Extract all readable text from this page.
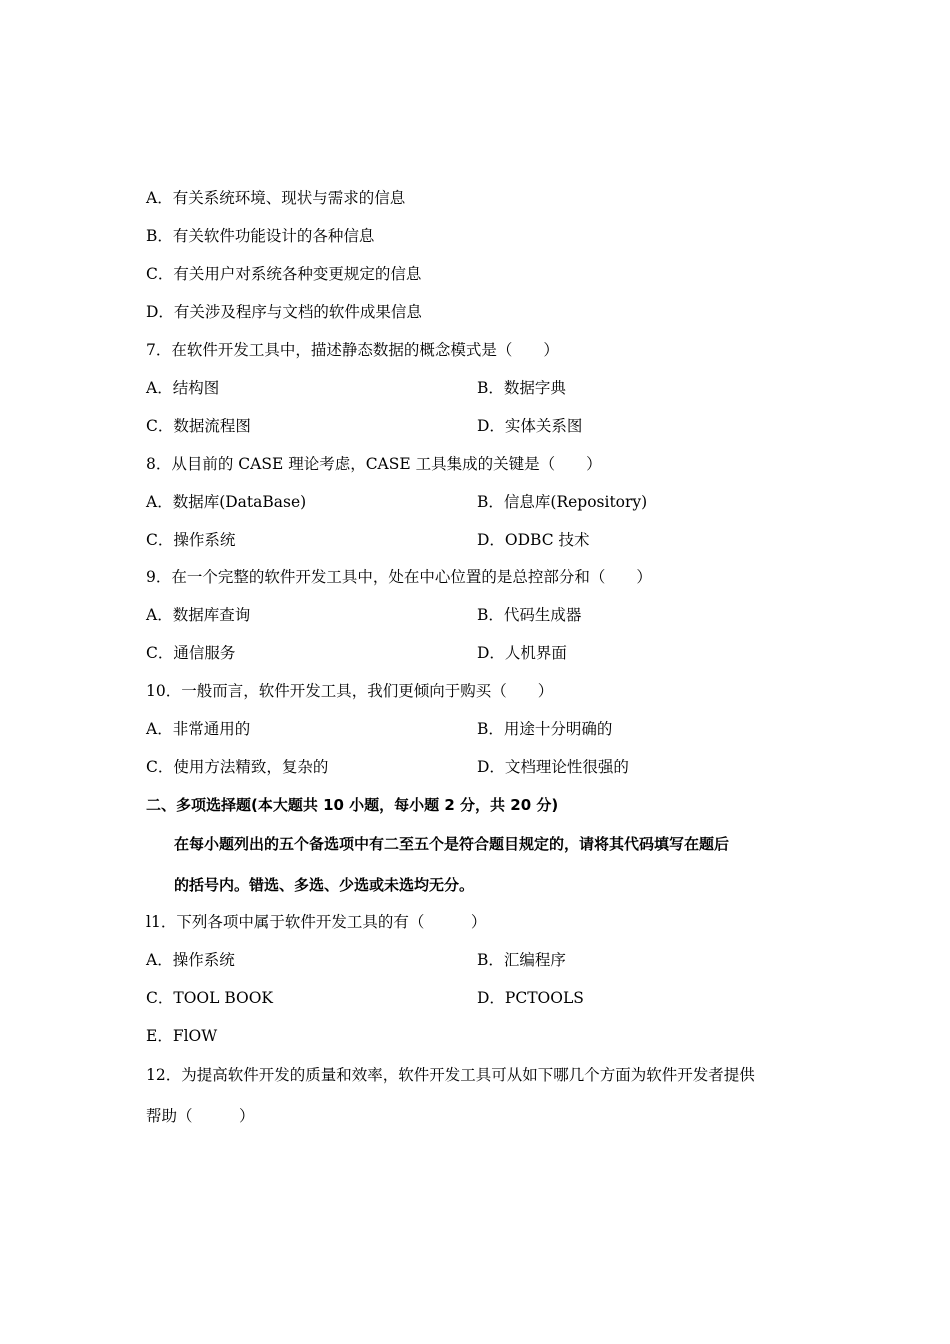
A．有关系统环境、现状与需求的信息
B．有关软件功能设计的各种信息
C．有关用户对系统各种变更规定的信息
D．有关涉及程序与文档的软件成果信息
7．在软件开发工具中，描述静态数据的概念模式是（　　）
A．结构图	B．数据字典
C．数据流程图	D．实体关系图
8．从目前的 CASE 理论考虑，CASE 工具集成的关键是（　　）
A．数据库(DataBase)	B．信息库(Repository)
C．操作系统	D．ODBC 技术
9．在一个完整的软件开发工具中，处在中心位置的是总控部分和（　　）
A．数据库查询	B．代码生成器
C．通信服务	D．人机界面
10．一般而言，软件开发工具，我们更倾向于购买（　　）
A．非常通用的	B．用途十分明确的
C．使用方法精致，复杂的	D．文档理论性很强的
二、多项选择题(本大题共 10 小题，每小题 2 分，共 20 分)
在每小题列出的五个备选项中有二至五个是符合题目规定的，请将其代码填写在题后
的括号内。错选、多选、少选或未选均无分。
l1．下列各项中属于软件开发工具的有（　　　）
A．操作系统	B．汇编程序
C．TOOL BOOK	D．PCTOOLS
E．FlOW
12．为提高软件开发的质量和效率，软件开发工具可从如下哪几个方面为软件开发者提供
帮助（　　　）
